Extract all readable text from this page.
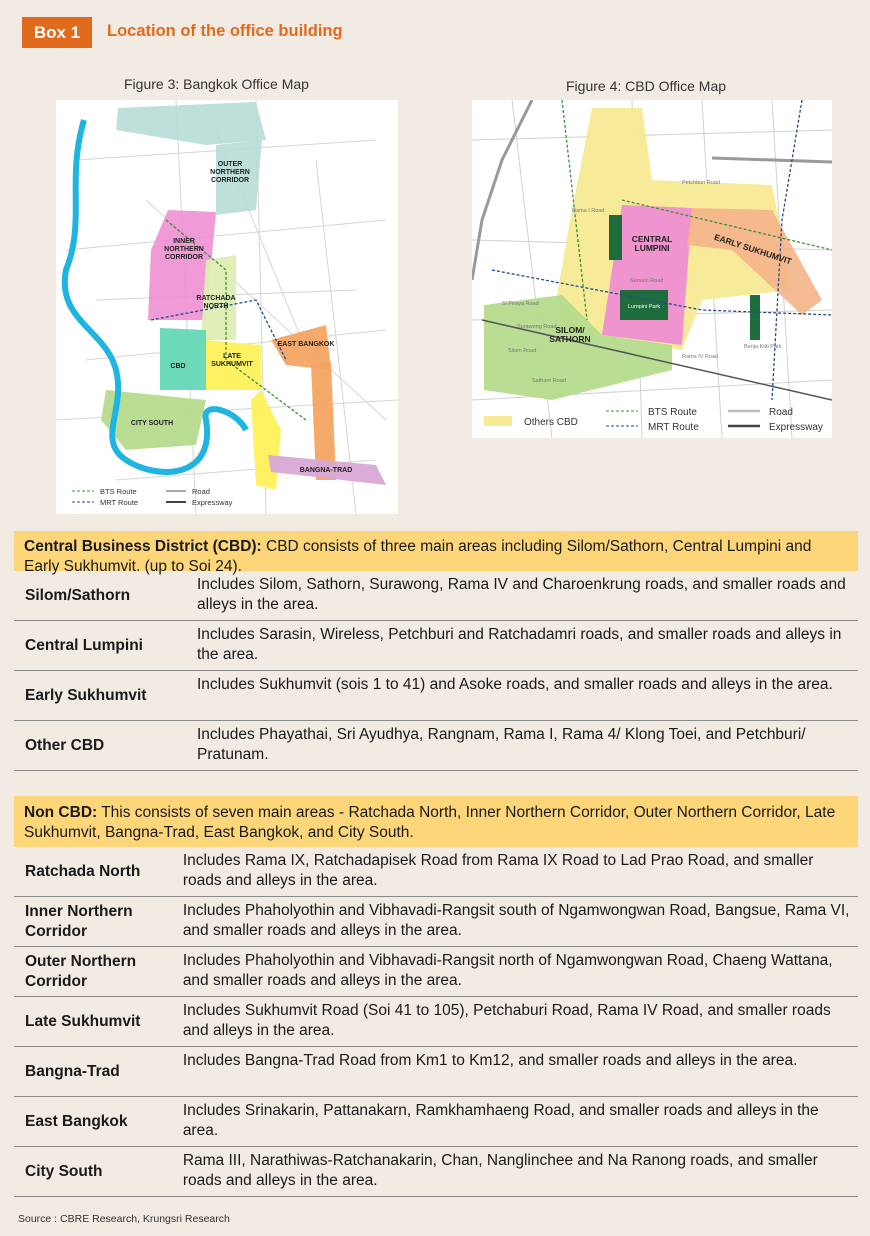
Box 1	Location of the office building
Figure 3: Bangkok Office Map
OUTER NORTHERN CORRIDOR
INNER NORTHERN CORRIDOR
RATCHADA NORTH
EAST BANGKOK
LATE SUKHUMVIT
CBD
CITY SOUTH
BANGNA-TRAD
BTS Route
MRT Route
Road
Expressway
Figure 4: CBD Office Map
CENTRAL LUMPINI	EARLY SUKHUMVIT
SILOM/ SATHORN
Petchburi Road
Rama I Road
Sarasin Road
Lumpini Park
Benja Kitti Park
Si Piraya Road
Surawong Road
Silom Road
Sathorn Road
Rama IV Road
Others CBD
BTS Route
MRT Route
Road
Expressway
Central Business District (CBD): CBD consists of three main areas including Silom/Sathorn, Central Lumpini and Early Sukhumvit. (up to Soi 24).
Silom/Sathorn
Includes Silom, Sathorn, Surawong, Rama IV and Charoenkrung roads, and smaller roads and alleys in the area.
Central Lumpini
Includes Sarasin, Wireless, Petchburi and Ratchadamri roads, and smaller roads and alleys in the area.
Early Sukhumvit
Includes Sukhumvit (sois 1 to 41) and Asoke roads, and smaller roads and alleys in the area.
Other CBD
Includes Phayathai, Sri Ayudhya, Rangnam, Rama I, Rama 4/ Klong Toei, and Petchburi/ Pratunam.
Non CBD: This consists of seven main areas - Ratchada North, Inner Northern Corridor, Outer Northern Corridor, Late Sukhumvit, Bangna-Trad, East Bangkok, and City South.
Ratchada North
Includes Rama IX, Ratchadapisek Road from Rama IX Road to Lad Prao Road, and smaller roads and alleys in the area.
Inner Northern Corridor
Includes Phaholyothin and Vibhavadi-Rangsit south of Ngamwongwan Road, Bangsue, Rama VI, and smaller roads and alleys in the area.
Outer Northern Corridor
Includes Phaholyothin and Vibhavadi-Rangsit north of Ngamwongwan Road, Chaeng Wattana, and smaller roads and alleys in the area.
Late Sukhumvit
Includes Sukhumvit Road (Soi 41 to 105), Petchaburi Road, Rama IV Road, and smaller roads and alleys in the area.
Bangna-Trad
Includes Bangna-Trad Road from Km1 to Km12, and smaller roads and alleys in the area.
East Bangkok
Includes Srinakarin, Pattanakarn, Ramkhamhaeng Road, and smaller roads and alleys in the area.
City South
Rama III, Narathiwas-Ratchanakarin, Chan, Nanglinchee and Na Ranong roads, and smaller roads and alleys in the area.
Source : CBRE Research, Krungsri Research
